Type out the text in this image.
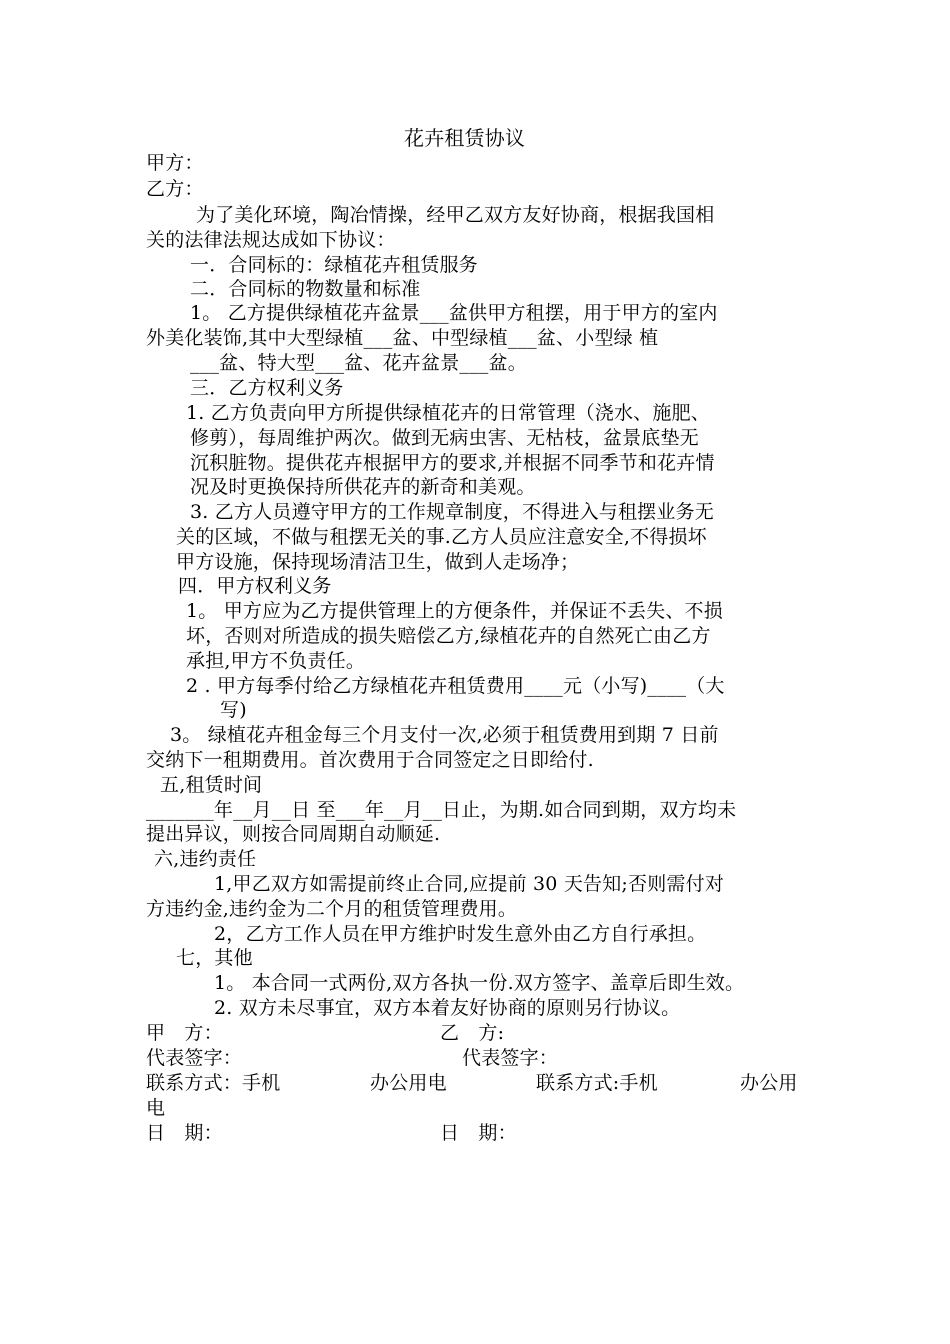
花卉租赁协议
甲方：
乙方：
为了美化环境，陶冶情操，经甲乙双方友好协商，根据我国相
关的法律法规达成如下协议：
一．合同标的：绿植花卉租赁服务
二．合同标的物数量和标准
1。 乙方提供绿植花卉盆景___盆供甲方租摆，用于甲方的室内
外美化装饰,其中大型绿植___盆、中型绿植___盆、小型绿 植
___盆、特大型___盆、花卉盆景___盆。
三．乙方权利义务
1. 乙方负责向甲方所提供绿植花卉的日常管理（浇水、施肥、
修剪），每周维护两次。做到无病虫害、无枯枝，盆景底垫无
沉积脏物。提供花卉根据甲方的要求,并根据不同季节和花卉情
况及时更换保持所供花卉的新奇和美观。
3. 乙方人员遵守甲方的工作规章制度，不得进入与租摆业务无
关的区域，不做与租摆无关的事.乙方人员应注意安全,不得损坏
甲方设施，保持现场清洁卫生，做到人走场净；
四．甲方权利义务
1。 甲方应为乙方提供管理上的方便条件，并保证不丢失、不损
坏，否则对所造成的损失赔偿乙方,绿植花卉的自然死亡由乙方
承担,甲方不负责任。
2 . 甲方每季付给乙方绿植花卉租赁费用____元（小写)____（大
写)
3。 绿植花卉租金每三个月支付一次,必须于租赁费用到期 7 日前
交纳下一租期费用。首次费用于合同签定之日即给付.
五,租赁时间
_______年__月__日 至___年__月__日止，为期.如合同到期，双方均未
提出异议，则按合同周期自动顺延.
六,违约责任
1,甲乙双方如需提前终止合同,应提前 30 天告知;否则需付对
方违约金,违约金为二个月的租赁管理费用。
2，乙方工作人员在甲方维护时发生意外由乙方自行承担。
七，其他
1。 本合同一式两份,双方各执一份.双方签字、盖章后即生效。
2. 双方未尽事宜，双方本着友好协商的原则另行协议。
甲　方：	乙　方:
代表签字：	代表签字：
联系方式：手机	办公用电	联系方式:手机	办公用
电
日　期：	日　期：
